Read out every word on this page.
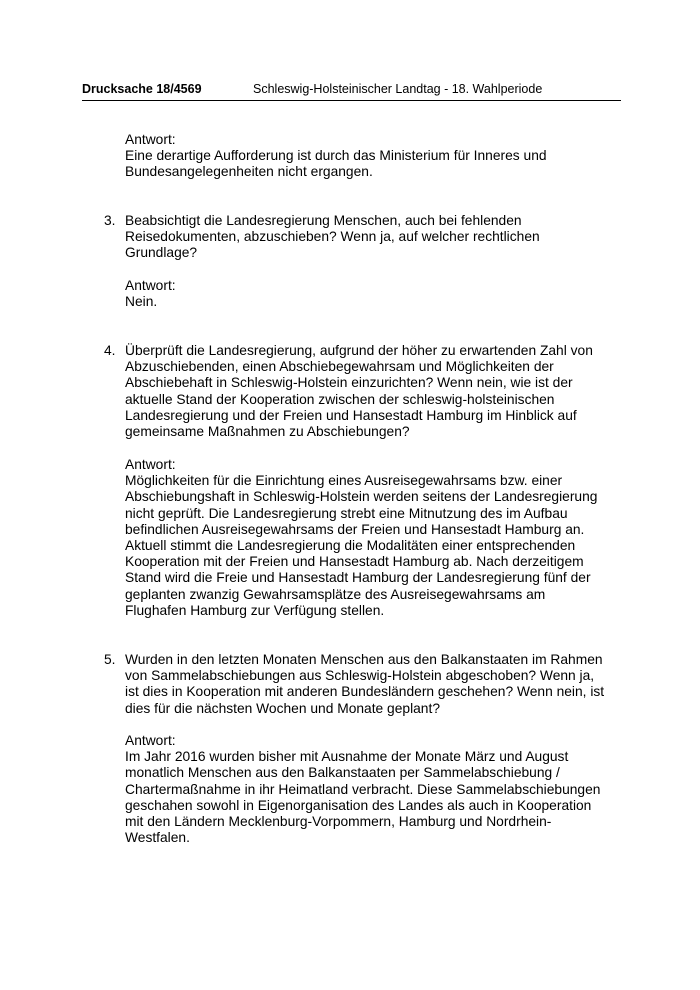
Drucksache 18/4569	Schleswig-Holsteinischer Landtag - 18. Wahlperiode
Antwort:
Eine derartige Aufforderung ist durch das Ministerium für Inneres und
Bundesangelegenheiten nicht ergangen.
3. Beabsichtigt die Landesregierung Menschen, auch bei fehlenden
Reisedokumenten, abzuschieben? Wenn ja, auf welcher rechtlichen
Grundlage?
Antwort:
Nein.
4. Überprüft die Landesregierung, aufgrund der höher zu erwartenden Zahl von
Abzuschiebenden, einen Abschiebegewahrsam und Möglichkeiten der
Abschiebehaft in Schleswig-Holstein einzurichten? Wenn nein, wie ist der
aktuelle Stand der Kooperation zwischen der schleswig-holsteinischen
Landesregierung und der Freien und Hansestadt Hamburg im Hinblick auf
gemeinsame Maßnahmen zu Abschiebungen?
Antwort:
Möglichkeiten für die Einrichtung eines Ausreisegewahrsams bzw. einer
Abschiebungshaft in Schleswig-Holstein werden seitens der Landesregierung
nicht geprüft. Die Landesregierung strebt eine Mitnutzung des im Aufbau
befindlichen Ausreisegewahrsams der Freien und Hansestadt Hamburg an.
Aktuell stimmt die Landesregierung die Modalitäten einer entsprechenden
Kooperation mit der Freien und Hansestadt Hamburg ab. Nach derzeitigem
Stand wird die Freie und Hansestadt Hamburg der Landesregierung fünf der
geplanten zwanzig Gewahrsamsplätze des Ausreisegewahrsams am
Flughafen Hamburg zur Verfügung stellen.
5. Wurden in den letzten Monaten Menschen aus den Balkanstaaten im Rahmen
von Sammelabschiebungen aus Schleswig-Holstein abgeschoben? Wenn ja,
ist dies in Kooperation mit anderen Bundesländern geschehen? Wenn nein, ist
dies für die nächsten Wochen und Monate geplant?
Antwort:
Im Jahr 2016 wurden bisher mit Ausnahme der Monate März und August
monatlich Menschen aus den Balkanstaaten per Sammelabschiebung /
Chartermaßnahme in ihr Heimatland verbracht. Diese Sammelabschiebungen
geschahen sowohl in Eigenorganisation des Landes als auch in Kooperation
mit den Ländern Mecklenburg-Vorpommern, Hamburg und Nordrhein-
Westfalen.
